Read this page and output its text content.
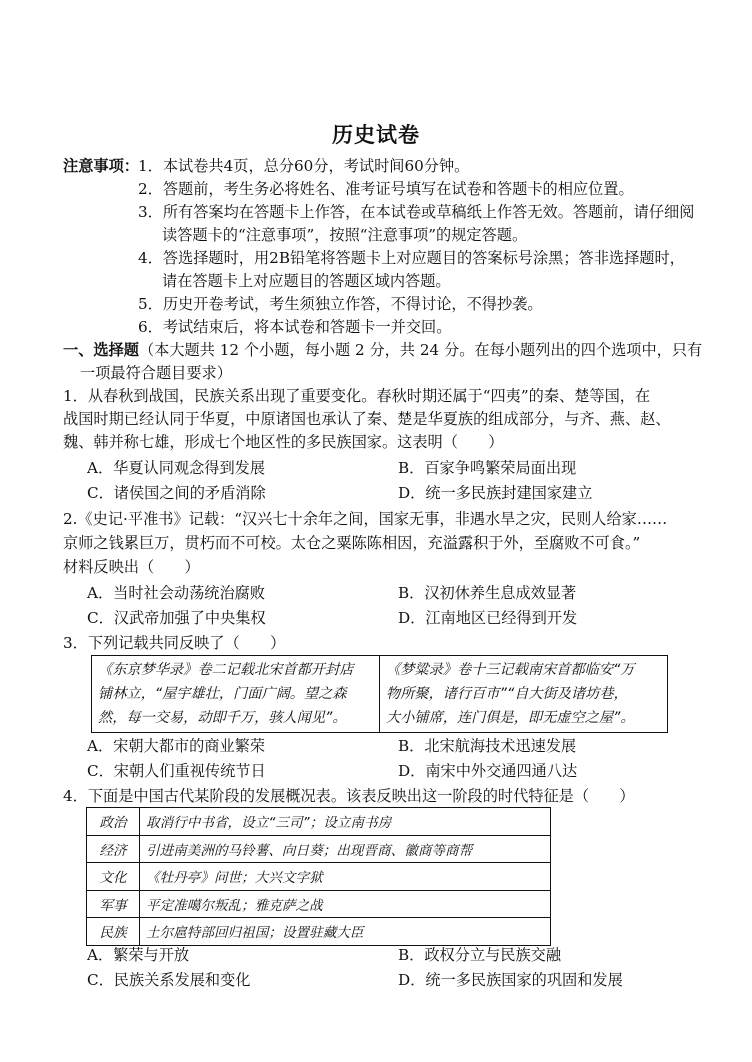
历史试卷
注意事项： 1．本试卷共4页，总分60分，考试时间60分钟。
2．答题前，考生务必将姓名、准考证号填写在试卷和答题卡的相应位置。
3．所有答案均在答题卡上作答，在本试卷或草稿纸上作答无效。答题前，请仔细阅
读答题卡的“注意事项”，按照“注意事项”的规定答题。
4．答选择题时，用2B铅笔将答题卡上对应题目的答案标号涂黑；答非选择题时，
请在答题卡上对应题目的答题区域内答题。
5．历史开卷考试，考生须独立作答，不得讨论，不得抄袭。
6．考试结束后，将本试卷和答题卡一并交回。
一、选择题（本大题共 12 个小题，每小题 2 分，共 24 分。在每小题列出的四个选项中，只有
一项最符合题目要求）
1．从春秋到战国，民族关系出现了重要变化。春秋时期还属于“四夷”的秦、楚等国，在
战国时期已经认同于华夏，中原诸国也承认了秦、楚是华夏族的组成部分，与齐、燕、赵、
魏、韩并称七雄，形成七个地区性的多民族国家。这表明（　　）
A．华夏认同观念得到发展	B．百家争鸣繁荣局面出现
C．诸侯国之间的矛盾消除	D．统一多民族封建国家建立
2.《史记·平准书》记载：“汉兴七十余年之间，国家无事，非遇水旱之灾，民则人给家……
京师之钱累巨万，贯朽而不可校。太仓之粟陈陈相因，充溢露积于外，至腐败不可食。”
材料反映出（　　）
A．当时社会动荡统治腐败	B．汉初休养生息成效显著
C．汉武帝加强了中央集权	D．江南地区已经得到开发
3．下列记载共同反映了（　　）
《东京梦华录》卷二记载北宋首都开封店
铺林立，“屋宇雄壮，门面广阔。望之森
然，每一交易，动即千万，骇人闻见”。

《梦粱录》卷十三记载南宋首都临安“万
物所聚，诸行百市”“自大街及诸坊巷，
大小铺席，连门俱是，即无虚空之屋”。
A．宋朝大都市的商业繁荣	B．北宋航海技术迅速发展
C．宋朝人们重视传统节日	D．南宋中外交通四通八达
4．下面是中国古代某阶段的发展概况表。该表反映出这一阶段的时代特征是（　　）
政治	取消行中书省，设立“三司”；设立南书房
经济	引进南美洲的马铃薯、向日葵；出现晋商、徽商等商帮
文化	《牡丹亭》问世；大兴文字狱
军事	平定准噶尔叛乱；雅克萨之战
民族	土尔扈特部回归祖国；设置驻藏大臣
A．繁荣与开放	B．政权分立与民族交融
C．民族关系发展和变化	D．统一多民族国家的巩固和发展
